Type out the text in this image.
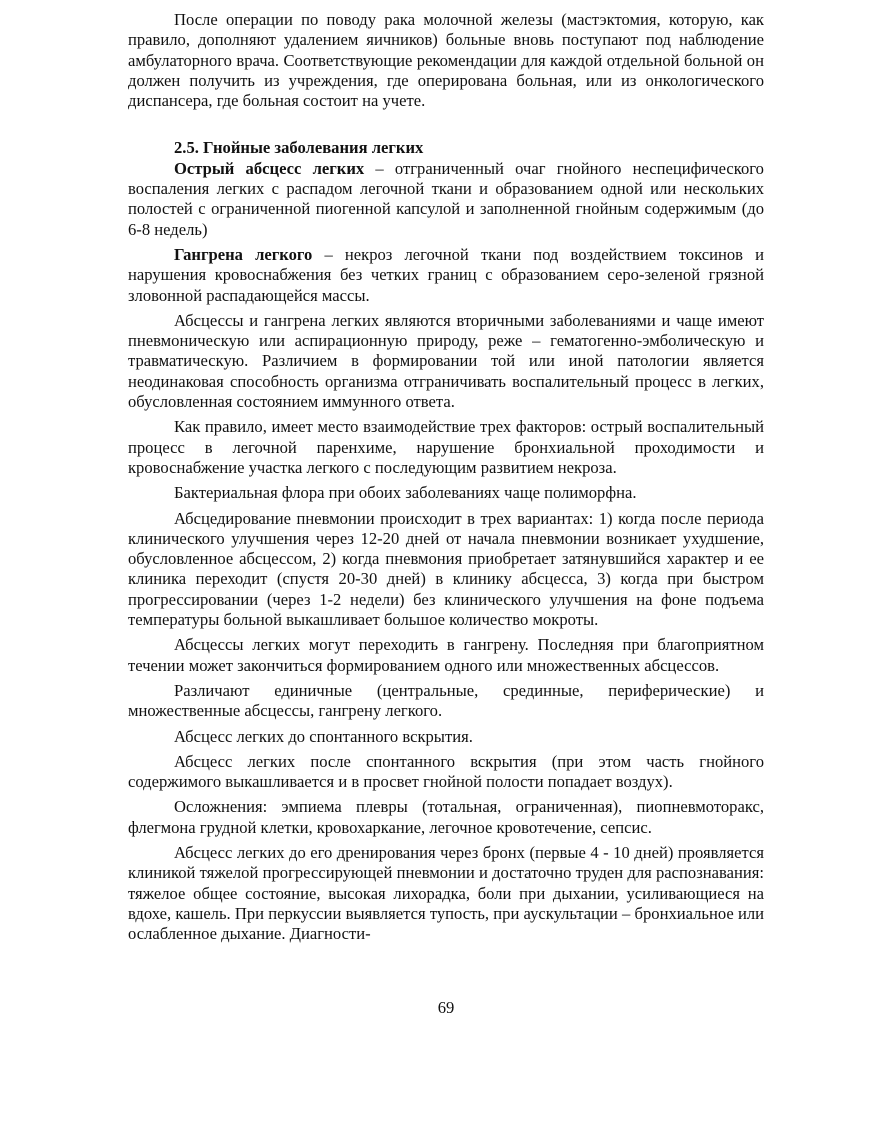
После операции по поводу рака молочной железы (мастэктомия, которую, как правило, дополняют удалением яичников) больные вновь поступают под наблюдение амбулаторного врача. Соответствующие рекомендации для каждой отдельной больной он должен получить из учреждения, где оперирована больная, или из онкологического диспансера, где больная состоит на учете.

2.5. Гнойные заболевания легких

Острый абсцесс легких – отграниченный очаг гнойного неспецифического воспаления легких с распадом легочной ткани и образованием одной или нескольких полостей с ограниченной пиогенной капсулой и заполненной гнойным содержимым (до 6-8 недель)

Гангрена легкого – некроз легочной ткани под воздействием токсинов и нарушения кровоснабжения без четких границ с образованием серо-зеленой грязной зловонной распадающейся массы.

Абсцессы и гангрена легких являются вторичными заболеваниями и чаще имеют пневмоническую или аспирационную природу, реже – гематогенно-эмболическую и травматическую. Различием в формировании той или иной патологии является неодинаковая способность организма отграничивать воспалительный процесс в легких, обусловленная состоянием иммунного ответа.

Как правило, имеет место взаимодействие трех факторов: острый воспалительный процесс в легочной паренхиме, нарушение бронхиальной проходимости и кровоснабжение участка легкого с последующим развитием некроза.

Бактериальная флора при обоих заболеваниях чаще полиморфна.

Абсцедирование пневмонии происходит в трех вариантах: 1) когда после периода клинического улучшения через 12-20 дней от начала пневмонии возникает ухудшение, обусловленное абсцессом, 2) когда пневмония приобретает затянувшийся характер и ее клиника переходит (спустя 20-30 дней) в клинику абсцесса, 3) когда при быстром прогрессировании (через 1-2 недели) без клинического улучшения на фоне подъема температуры больной выкашливает большое количество мокроты.

Абсцессы легких могут переходить в гангрену. Последняя при благоприятном течении может закончиться формированием одного или множественных абсцессов.

Различают единичные (центральные, срединные, периферические) и множественные абсцессы, гангрену легкого.

Абсцесс легких до спонтанного вскрытия.

Абсцесс легких после спонтанного вскрытия (при этом часть гнойного содержимого выкашливается и в просвет гнойной полости попадает воздух).

Осложнения: эмпиема плевры (тотальная, ограниченная), пиопневмоторакс, флегмона грудной клетки, кровохаркание, легочное кровотечение, сепсис.

Абсцесс легких до его дренирования через бронх (первые 4 - 10 дней) проявляется клиникой тяжелой прогрессирующей пневмонии и достаточно труден для распознавания: тяжелое общее состояние, высокая лихорадка, боли при дыхании, усиливающиеся на вдохе, кашель. При перкуссии выявляется тупость, при аускультации – бронхиальное или ослабленное дыхание. Диагности-

69
